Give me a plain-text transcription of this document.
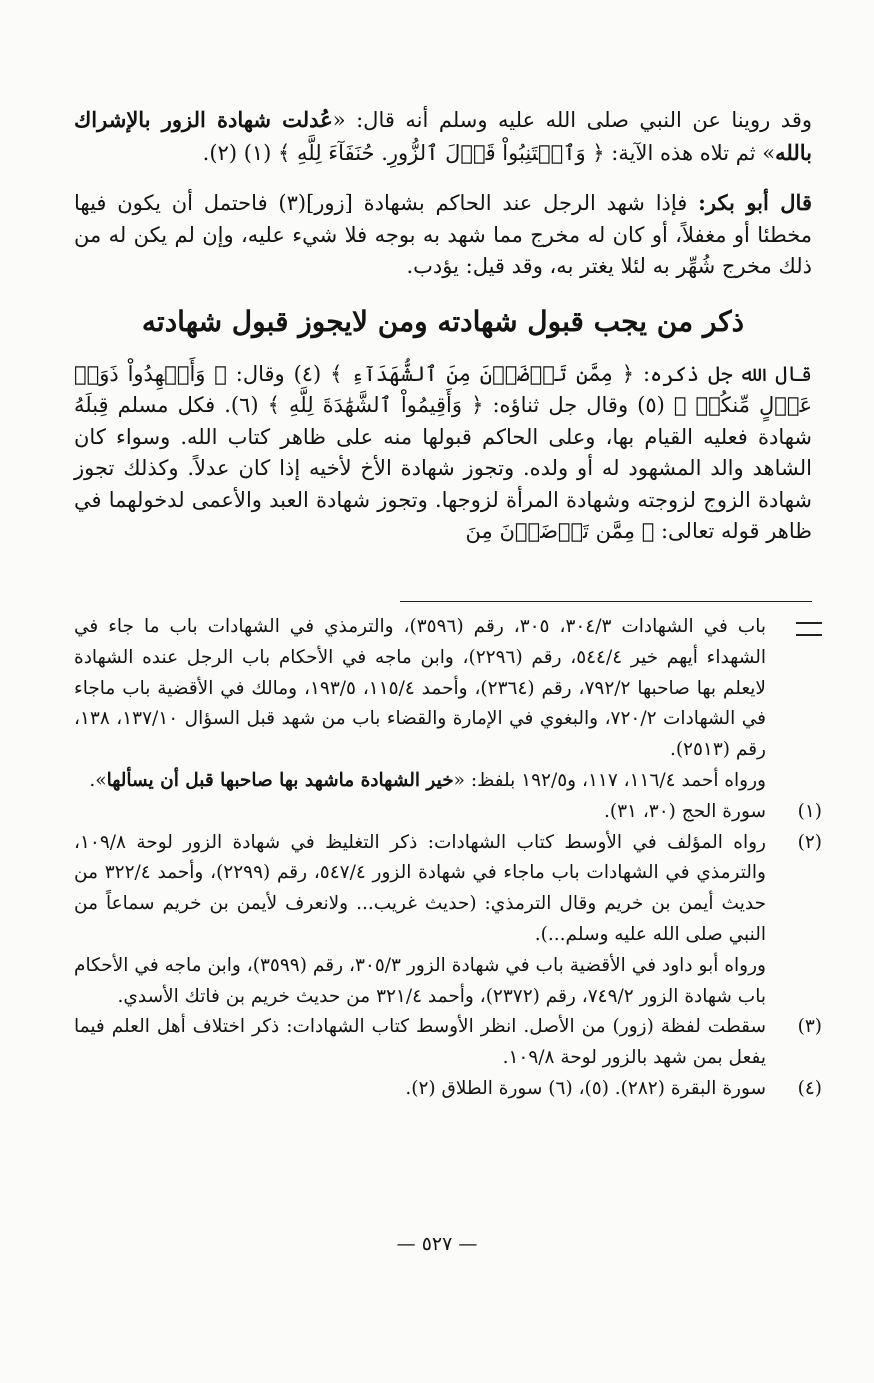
وقد روينا عن النبي صلى الله عليه وسلم أنه قال: «عُدلت شهادة الزور بالإشراك بالله» ثم تلاه هذه الآية: ﴿ وَٱجۡتَنِبُواْ قَوۡلَ ٱلزُّورِ. حُنَفَآءَ لِلَّهِ ﴾ (١) (٢).

قال أبو بكر: فإذا شهد الرجل عند الحاكم بشهادة [زور](٣) فاحتمل أن يكون فيها مخطئا أو مغفلاً، أو كان له مخرج مما شهد به بوجه فلا شيء عليه، وإن لم يكن له من ذلك مخرج شُهِّر به لئلا يغتر به، وقد قيل: يؤدب.

ذكر من يجب قبول شهادته ومن لايجوز قبول شهادته

قال الله جل ذكره: ﴿ مِمَّن تَرۡضَوۡنَ مِنَ ٱلشُّهَدَآءِ ﴾ (٤) وقال: ﴿ وَأَشۡهِدُواْ ذَوَىۡ عَدۡلٍ مِّنكُمۡ ﴾ (٥) وقال جل ثناؤه: ﴿ وَأَقِيمُواْ ٱلشَّهَٰدَةَ لِلَّهِ ﴾ (٦). فكل مسلم قِبلَهُ شهادة فعليه القيام بها، وعلى الحاكم قبولها منه على ظاهر كتاب الله. وسواء كان الشاهد والد المشهود له أو ولده. وتجوز شهادة الأخ لأخيه إذا كان عدلاً. وكذلك تجوز شهادة الزوج لزوجته وشهادة المرأة لزوجها. وتجوز شهادة العبد والأعمى لدخولهما في ظاهر قوله تعالى: ﴿ مِمَّن تَرۡضَوۡنَ مِنَ

باب في الشهادات ٣٠٤/٣، ٣٠٥، رقم (٣٥٩٦)، والترمذي في الشهادات باب ما جاء في الشهداء أيهم خير ٥٤٤/٤، رقم (٢٢٩٦)، وابن ماجه في الأحكام باب الرجل عنده الشهادة لايعلم بها صاحبها ٧٩٢/٢، رقم (٢٣٦٤)، وأحمد ١١٥/٤، ١٩٣/٥، ومالك في الأقضية باب ماجاء في الشهادات ٧٢٠/٢، والبغوي في الإمارة والقضاء باب من شهد قبل السؤال ١٣٧/١٠، ١٣٨، رقم (٢٥١٣).

ورواه أحمد ١١٦/٤، ١١٧، و١٩٢/٥ بلفظ: «خير الشهادة ماشهد بها صاحبها قبل أن يسألها».

(١)

سورة الحج (٣٠، ٣١).

(٢)

رواه المؤلف في الأوسط كتاب الشهادات: ذكر التغليظ في شهادة الزور لوحة ١٠٩/٨، والترمذي في الشهادات باب ماجاء في شهادة الزور ٥٤٧/٤، رقم (٢٢٩٩)، وأحمد ٣٢٢/٤ من حديث أيمن بن خريم وقال الترمذي: (حديث غريب... ولانعرف لأيمن بن خريم سماعاً من النبي صلى الله عليه وسلم...).

ورواه أبو داود في الأقضية باب في شهادة الزور ٣٠٥/٣، رقم (٣٥٩٩)، وابن ماجه في الأحكام باب شهادة الزور ٧٤٩/٢، رقم (٢٣٧٢)، وأحمد ٣٢١/٤ من حديث خريم بن فاتك الأسدي.

(٣)

سقطت لفظة (زور) من الأصل. انظر الأوسط كتاب الشهادات: ذكر اختلاف أهل العلم فيما يفعل بمن شهد بالزور لوحة ١٠٩/٨.

(٤)

سورة البقرة (٢٨٢). (٥)، (٦) سورة الطلاق (٢).

— ٥٢٧ —
